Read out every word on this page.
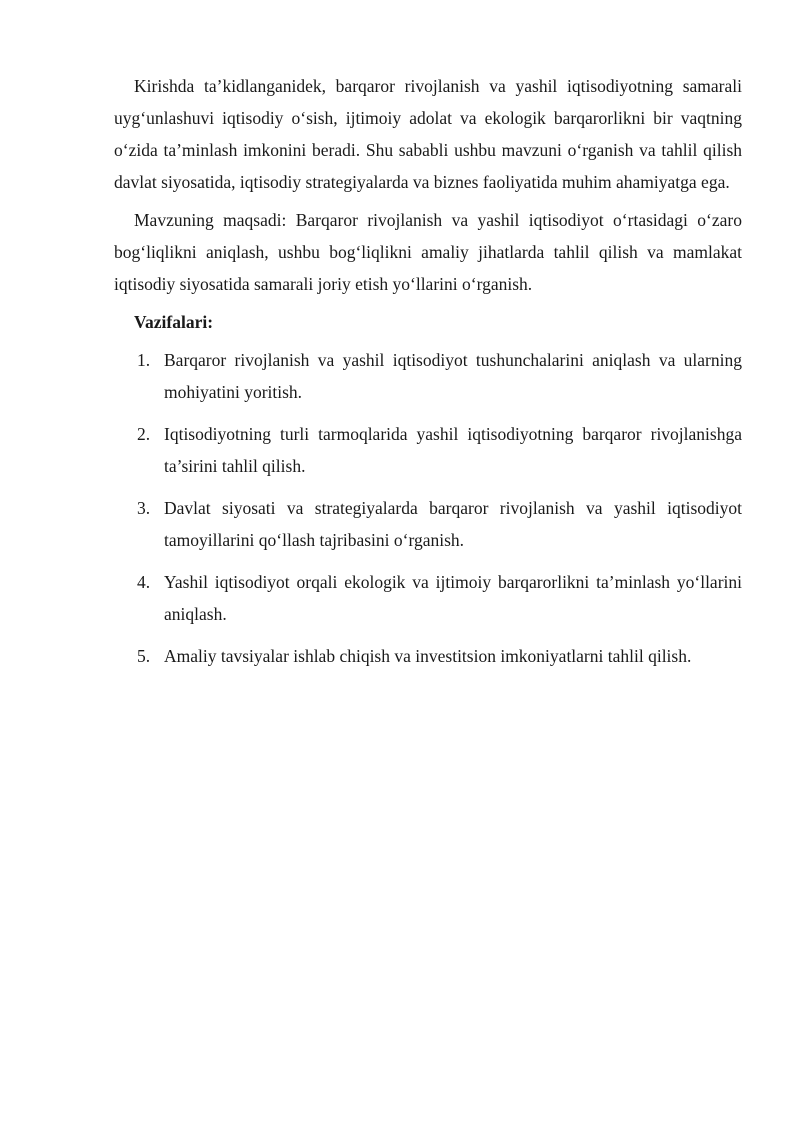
Kirishda ta’kidlanganidek, barqaror rivojlanish va yashil iqtisodiyotning samarali uyg‘unlashuvi iqtisodiy o‘sish, ijtimoiy adolat va ekologik barqarorlikni bir vaqtning o‘zida ta’minlash imkonini beradi. Shu sababli ushbu mavzuni o‘rganish va tahlil qilish davlat siyosatida, iqtisodiy strategiyalarda va biznes faoliyatida muhim ahamiyatga ega.

Mavzuning maqsadi: Barqaror rivojlanish va yashil iqtisodiyot o‘rtasidagi o‘zaro bog‘liqlikni aniqlash, ushbu bog‘liqlikni amaliy jihatlarda tahlil qilish va mamlakat iqtisodiy siyosatida samarali joriy etish yo‘llarini o‘rganish.

Vazifalari:

1. Barqaror rivojlanish va yashil iqtisodiyot tushunchalarini aniqlash va ularning mohiyatini yoritish.
2. Iqtisodiyotning turli tarmoqlarida yashil iqtisodiyotning barqaror rivojlanishga ta’sirini tahlil qilish.
3. Davlat siyosati va strategiyalarda barqaror rivojlanish va yashil iqtisodiyot tamoyillarini qo‘llash tajribasini o‘rganish.
4. Yashil iqtisodiyot orqali ekologik va ijtimoiy barqarorlikni ta’minlash yo‘llarini aniqlash.
5. Amaliy tavsiyalar ishlab chiqish va investitsion imkoniyatlarni tahlil qilish.
